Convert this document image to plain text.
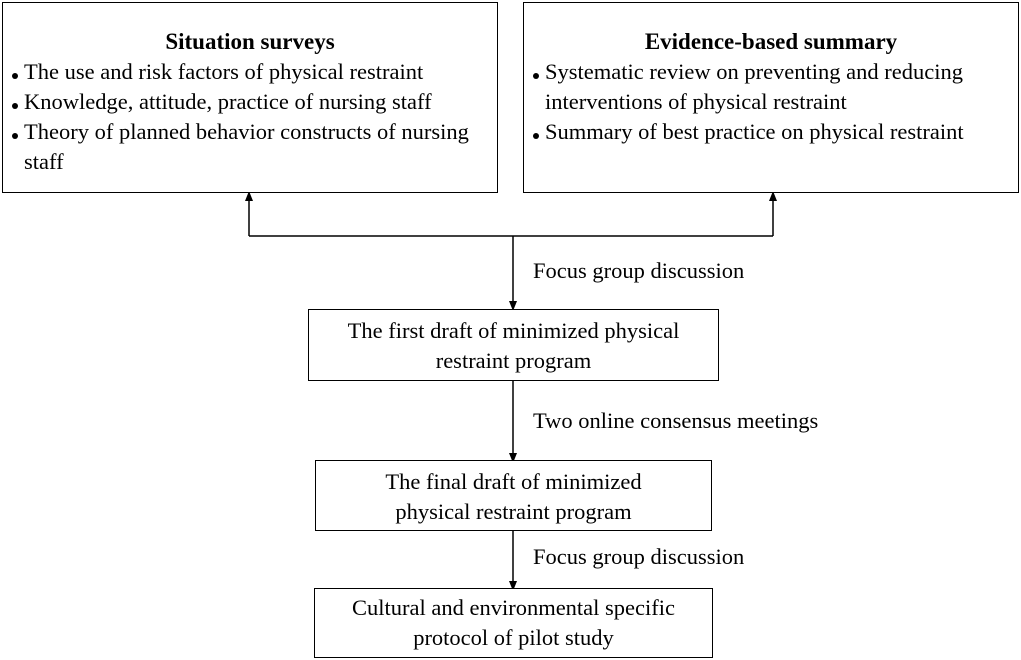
Situation surveys
The use and risk factors of physical restraint
Knowledge, attitude, practice of nursing staff
Theory of planned behavior constructs of nursing staff
Evidence-based summary
Systematic review on preventing and reducing interventions of physical restraint
Summary of best practice on physical restraint
Focus group discussion
The first draft of minimized physical restraint program
Two online consensus meetings
The final draft of minimized physical restraint program
Focus group discussion
Cultural and environmental specific protocol of pilot study
